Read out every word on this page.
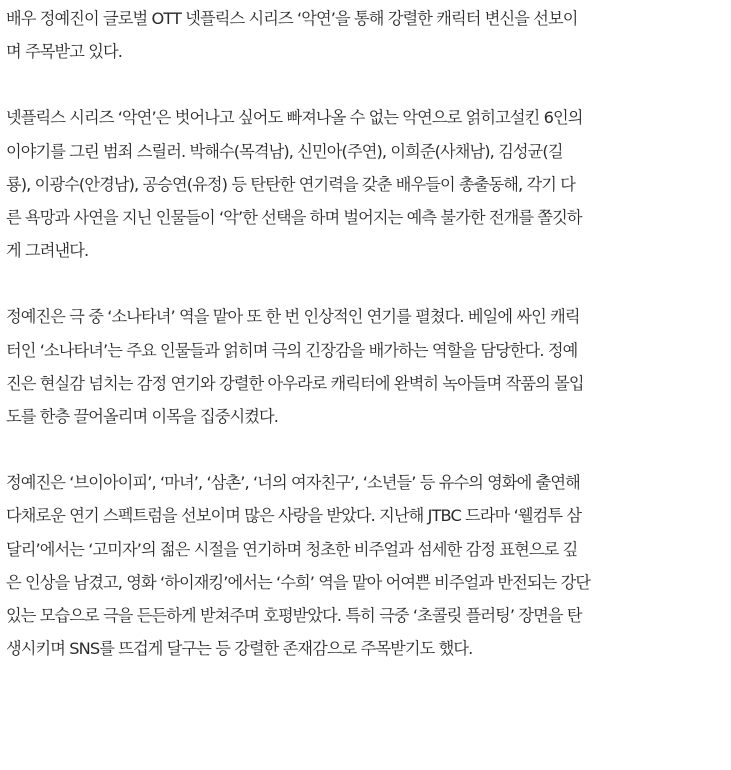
배우 정예진이 글로벌 OTT 넷플릭스 시리즈 ‘악연’을 통해 강렬한 캐릭터 변신을 선보이
며 주목받고 있다.

넷플릭스 시리즈 ‘악연’은 벗어나고 싶어도 빠져나올 수 없는 악연으로 얽히고설킨 6인의
이야기를 그린 범죄 스릴러. 박해수(목격남), 신민아(주연), 이희준(사채남), 김성균(길
룡), 이광수(안경남), 공승연(유정) 등 탄탄한 연기력을 갖춘 배우들이 총출동해, 각기 다
른 욕망과 사연을 지닌 인물들이 ‘악’한 선택을 하며 벌어지는 예측 불가한 전개를 쫄깃하
게 그려낸다.

정예진은 극 중 ‘소나타녀’ 역을 맡아 또 한 번 인상적인 연기를 펼쳤다. 베일에 싸인 캐릭
터인 ‘소나타녀’는 주요 인물들과 얽히며 극의 긴장감을 배가하는 역할을 담당한다. 정예
진은 현실감 넘치는 감정 연기와 강렬한 아우라로 캐릭터에 완벽히 녹아들며 작품의 몰입
도를 한층 끌어올리며 이목을 집중시켰다.

정예진은 ‘브이아이피’, ‘마녀’, ‘삼촌’, ‘너의 여자친구’, ‘소년들’ 등 유수의 영화에 출연해
다채로운 연기 스펙트럼을 선보이며 많은 사랑을 받았다. 지난해 JTBC 드라마 ‘웰컴투 삼
달리’에서는 ‘고미자’의 젊은 시절을 연기하며 청초한 비주얼과 섬세한 감정 표현으로 깊
은 인상을 남겼고, 영화 ‘하이재킹’에서는 ‘수희’ 역을 맡아 어여쁜 비주얼과 반전되는 강단
있는 모습으로 극을 든든하게 받쳐주며 호평받았다. 특히 극중 ‘초콜릿 플러팅’ 장면을 탄
생시키며 SNS를 뜨겁게 달구는 등 강렬한 존재감으로 주목받기도 했다.
